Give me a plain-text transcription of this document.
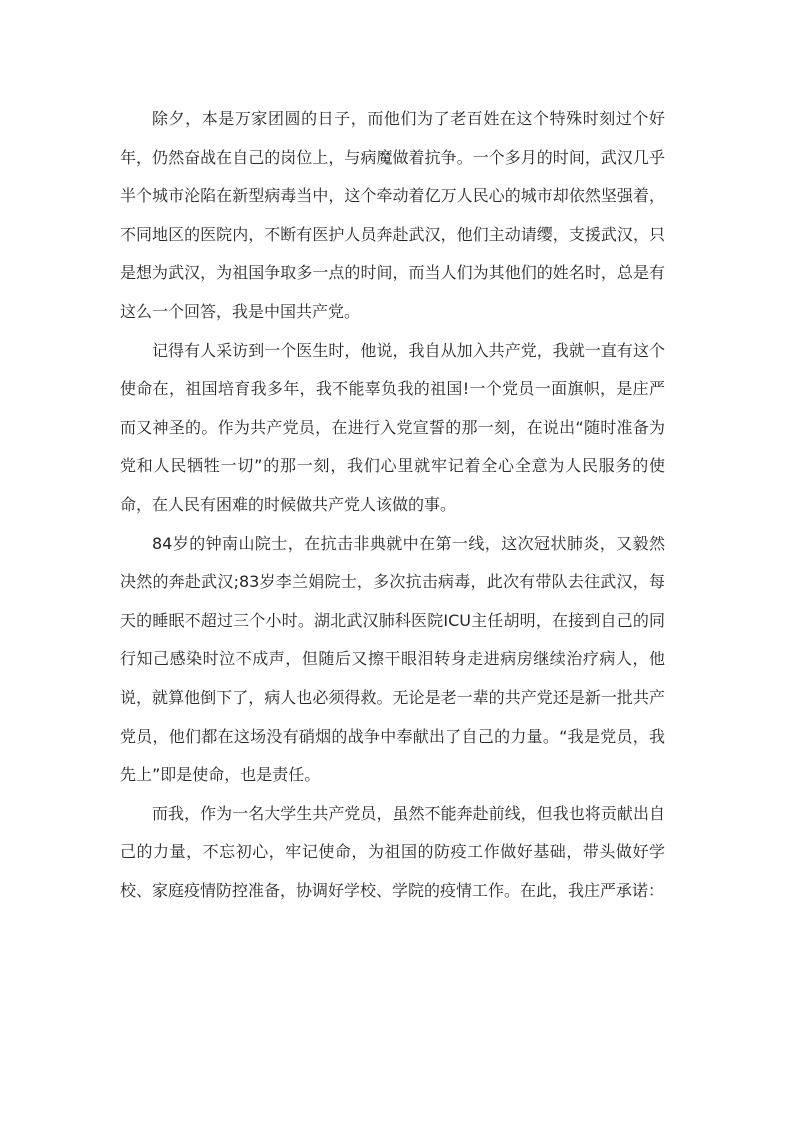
除夕，本是万家团圆的日子，而他们为了老百姓在这个特殊时刻过个好年，仍然奋战在自己的岗位上，与病魔做着抗争。一个多月的时间，武汉几乎半个城市沦陷在新型病毒当中，这个牵动着亿万人民心的城市却依然坚强着，不同地区的医院内，不断有医护人员奔赴武汉，他们主动请缨，支援武汉，只是想为武汉，为祖国争取多一点的时间，而当人们为其他们的姓名时，总是有这么一个回答，我是中国共产党。

记得有人采访到一个医生时，他说，我自从加入共产党，我就一直有这个使命在，祖国培育我多年，我不能辜负我的祖国!一个党员一面旗帜，是庄严而又神圣的。作为共产党员，在进行入党宣誓的那一刻，在说出“随时准备为党和人民牺牲一切”的那一刻，我们心里就牢记着全心全意为人民服务的使命，在人民有困难的时候做共产党人该做的事。

84岁的钟南山院士，在抗击非典就中在第一线，这次冠状肺炎，又毅然决然的奔赴武汉;83岁李兰娟院士，多次抗击病毒，此次有带队去往武汉，每天的睡眠不超过三个小时。湖北武汉肺科医院ICU主任胡明，在接到自己的同行知己感染时泣不成声，但随后又擦干眼泪转身走进病房继续治疗病人，他说，就算他倒下了，病人也必须得救。无论是老一辈的共产党还是新一批共产党员，他们都在这场没有硝烟的战争中奉献出了自己的力量。“我是党员，我先上”即是使命，也是责任。

而我，作为一名大学生共产党员，虽然不能奔赴前线，但我也将贡献出自己的力量，不忘初心，牢记使命，为祖国的防疫工作做好基础，带头做好学校、家庭疫情防控准备，协调好学校、学院的疫情工作。在此，我庄严承诺：
